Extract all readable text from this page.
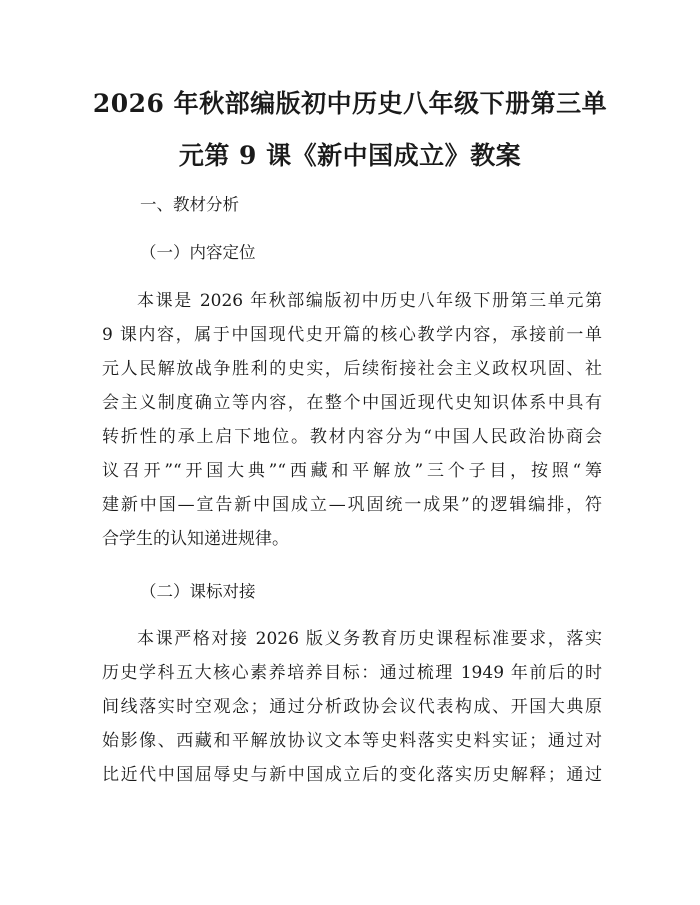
2026 年秋部编版初中历史八年级下册第三单
元第 9 课《新中国成立》教案
一、教材分析
（一）内容定位
本课是 2026 年秋部编版初中历史八年级下册第三单元第
9 课内容，属于中国现代史开篇的核心教学内容，承接前一单
元人民解放战争胜利的史实，后续衔接社会主义政权巩固、社
会主义制度确立等内容，在整个中国近现代史知识体系中具有
转折性的承上启下地位。教材内容分为“中国人民政治协商会
议召开”“开国大典”“西藏和平解放”三个子目，按照“筹
建新中国—宣告新中国成立—巩固统一成果”的逻辑编排，符
合学生的认知递进规律。
（二）课标对接
本课严格对接 2026 版义务教育历史课程标准要求，落实
历史学科五大核心素养培养目标：通过梳理 1949 年前后的时
间线落实时空观念；通过分析政协会议代表构成、开国大典原
始影像、西藏和平解放协议文本等史料落实史料实证；通过对
比近代中国屈辱史与新中国成立后的变化落实历史解释；通过
